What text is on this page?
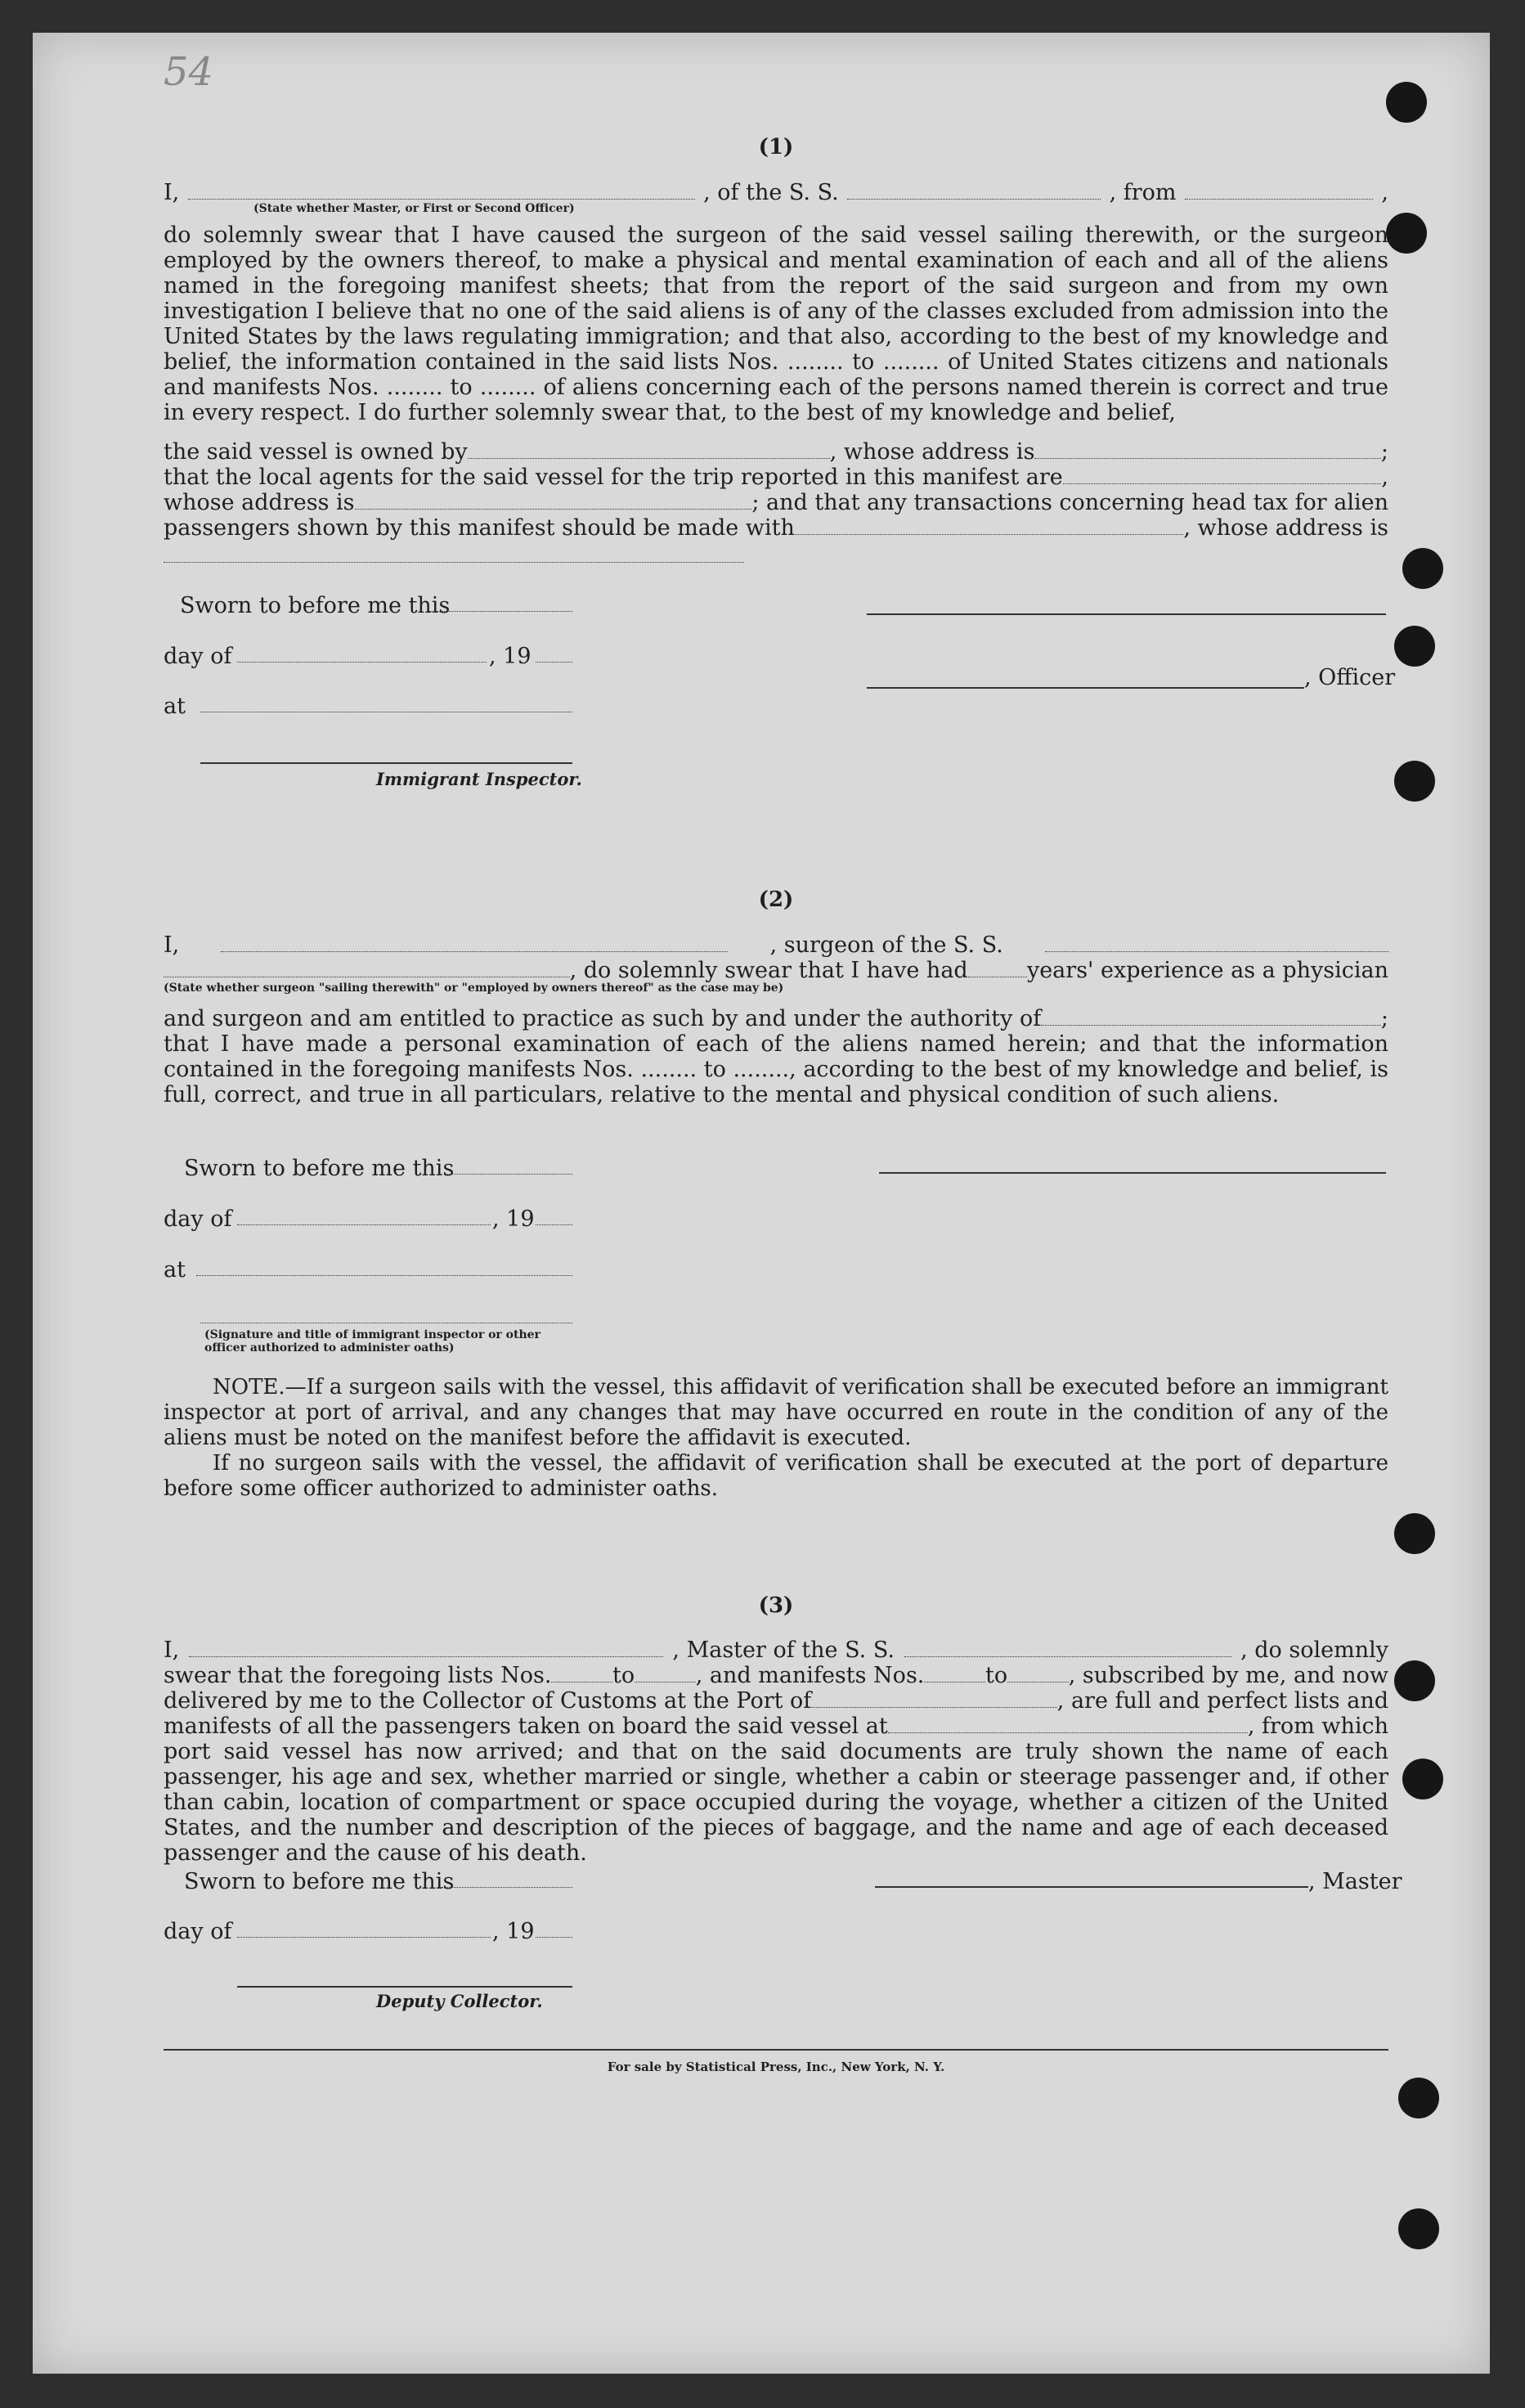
54
(1)
I,	, of the S. S.	, from	,
(State whether Master, or First or Second Officer)
do solemnly swear that I have caused the surgeon of the said vessel sailing therewith, or the surgeon employed by the owners thereof, to make a physical and mental examination of each and all of the aliens named in the foregoing manifest sheets; that from the report of the said surgeon and from my own investigation I believe that no one of the said aliens is of any of the classes excluded from admission into the United States by the laws regulating immigration; and that also, according to the best of my knowledge and belief, the information contained in the said lists Nos. ........ to ........ of United States citizens and nationals and manifests Nos. ........ to ........ of aliens concerning each of the persons named therein is correct and true in every respect. I do further solemnly swear that, to the best of my knowledge and belief,
the said vessel is owned by	, whose address is	;
that the local agents for the said vessel for the trip reported in this manifest are	,
whose address is	; and that any transactions concerning head tax for alien
passengers shown by this manifest should be made with	, whose address is
Sworn to before me this
day of	, 19
, Officer
at
Immigrant Inspector.
(2)
I,	, surgeon of the S. S.
, do solemnly swear that I have had	years' experience as a physician
(State whether surgeon "sailing therewith" or "employed by owners thereof" as the case may be)
and surgeon and am entitled to practice as such by and under the authority of	;
that I have made a personal examination of each of the aliens named herein; and that the information contained in the foregoing manifests Nos. ........ to ........, according to the best of my knowledge and belief, is full, correct, and true in all particulars, relative to the mental and physical condition of such aliens.
Sworn to before me this
day of	, 19
at
(Signature and title of immigrant inspector or other officer authorized to administer oaths)
NOTE.—If a surgeon sails with the vessel, this affidavit of verification shall be executed before an immigrant inspector at port of arrival, and any changes that may have occurred en route in the condition of any of the aliens must be noted on the manifest before the affidavit is executed.
If no surgeon sails with the vessel, the affidavit of verification shall be executed at the port of departure before some officer authorized to administer oaths.
(3)
I,	, Master of the S. S.	, do solemnly
swear that the foregoing lists Nos.	to	, and manifests Nos.	to	, subscribed by me, and now
delivered by me to the Collector of Customs at the Port of	, are full and perfect lists and
manifests of all the passengers taken on board the said vessel at	, from which
port said vessel has now arrived; and that on the said documents are truly shown the name of each passenger, his age and sex, whether married or single, whether a cabin or steerage passenger and, if other than cabin, location of compartment or space occupied during the voyage, whether a citizen of the United States, and the number and description of the pieces of baggage, and the name and age of each deceased passenger and the cause of his death.
Sworn to before me this	, Master
day of	, 19
Deputy Collector.
For sale by Statistical Press, Inc., New York, N. Y.
